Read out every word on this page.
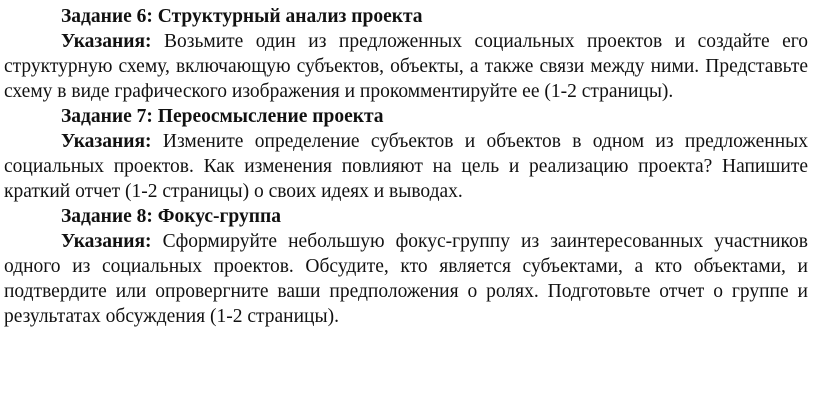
Задание 6: Структурный анализ проекта

Указания: Возьмите один из предложенных социальных проектов и создайте его структурную схему, включающую субъектов, объекты, а также связи между ними. Представьте схему в виде графического изображения и прокомментируйте ее (1-2 страницы).

Задание 7: Переосмысление проекта

Указания: Измените определение субъектов и объектов в одном из предложенных социальных проектов. Как изменения повлияют на цель и реализацию проекта? Напишите краткий отчет (1-2 страницы) о своих идеях и выводах.

Задание 8: Фокус-группа

Указания: Сформируйте небольшую фокус-группу из заинтересованных участников одного из социальных проектов. Обсудите, кто является субъектами, а кто объектами, и подтвердите или опровергните ваши предположения о ролях. Подготовьте отчет о группе и результатах обсуждения (1-2 страницы).
